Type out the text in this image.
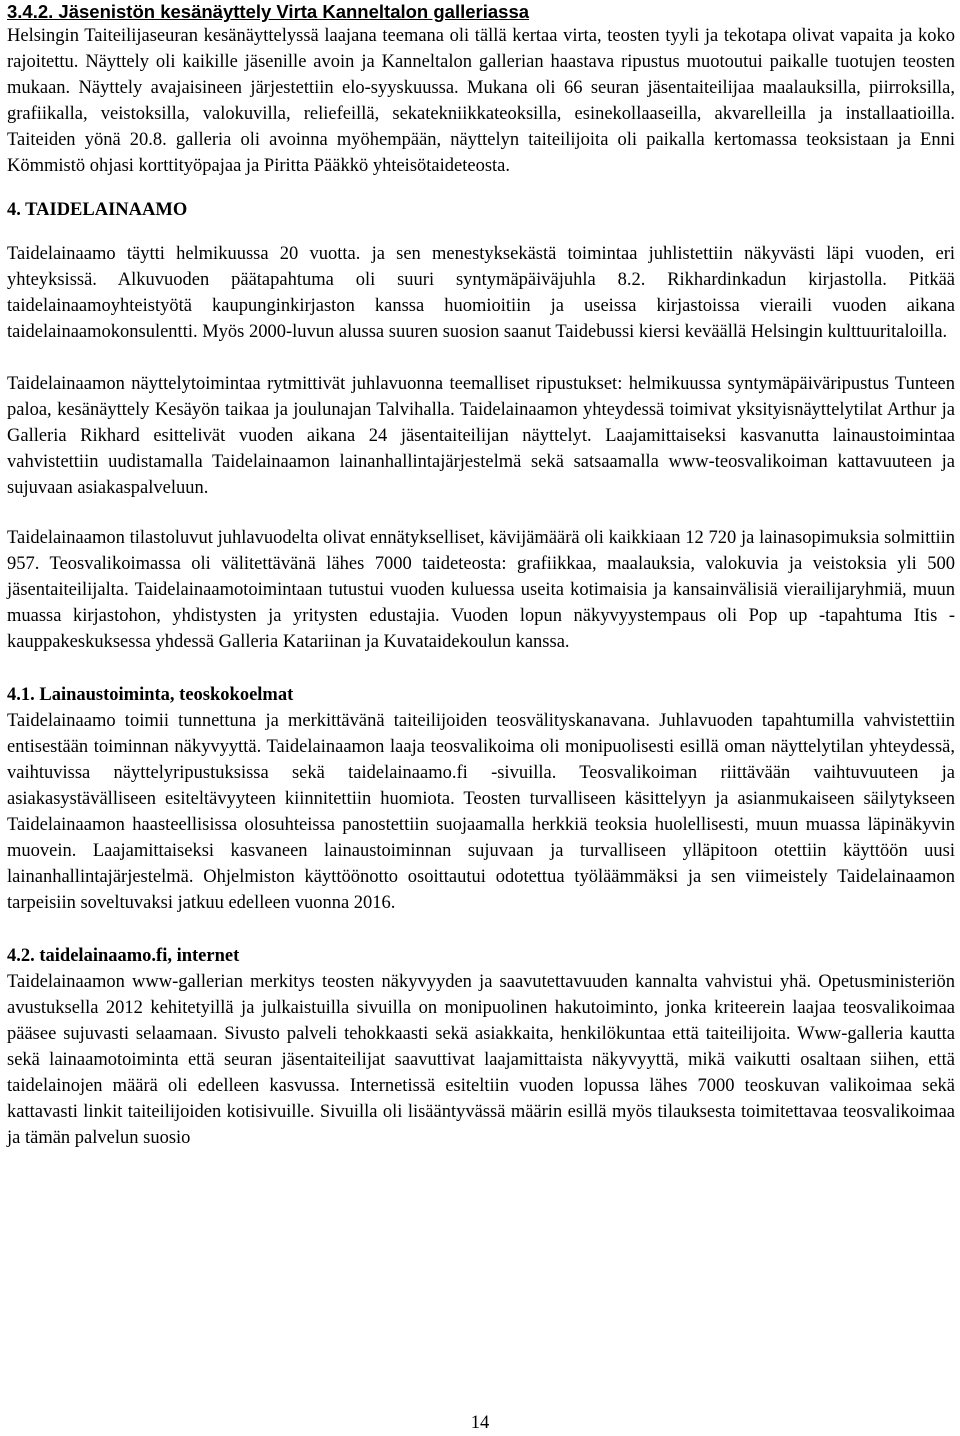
3.4.2. Jäsenistön kesänäyttely Virta Kanneltalon galleriassa

Helsingin Taiteilijaseuran kesänäyttelyssä laajana teemana oli tällä kertaa virta, teosten tyyli ja tekotapa olivat vapaita ja koko rajoitettu. Näyttely oli kaikille jäsenille avoin ja Kanneltalon gallerian haastava ripustus muotoutui paikalle tuotujen teosten mukaan. Näyttely avajaisineen järjestettiin elo-syyskuussa. Mukana oli 66 seuran jäsentaiteilijaa maalauksilla, piirroksilla, grafiikalla, veistoksilla, valokuvilla, reliefeillä, sekatekniikkateoksilla, esinekollaaseilla, akvarelleilla ja installaatioilla. Taiteiden yönä 20.8. galleria oli avoinna myöhempään, näyttelyn taiteilijoita oli paikalla kertomassa teoksistaan ja Enni Kömmistö ohjasi korttityöpajaa ja Piritta Pääkkö yhteisötaideteosta.

4. TAIDELAINAAMO

Taidelainaamo täytti helmikuussa 20 vuotta. ja sen menestyksekästä toimintaa juhlistettiin näkyvästi läpi vuoden, eri yhteyksissä. Alkuvuoden päätapahtuma oli suuri syntymäpäiväjuhla 8.2. Rikhardinkadun kirjastolla. Pitkää taidelainaamoyhteistyötä kaupunginkirjaston kanssa huomioitiin ja useissa kirjastoissa vieraili vuoden aikana taidelainaamokonsulentti. Myös 2000-luvun alussa suuren suosion saanut Taidebussi kiersi keväällä Helsingin kulttuuritaloilla.

Taidelainaamon näyttelytoimintaa rytmittivät juhlavuonna teemalliset ripustukset: helmikuussa syntymäpäiväripustus Tunteen paloa, kesänäyttely Kesäyön taikaa ja joulunajan Talvihalla. Taidelainaamon yhteydessä toimivat yksityisnäyttelytilat Arthur ja Galleria Rikhard esittelivät vuoden aikana 24 jäsentaiteilijan näyttelyt. Laajamittaiseksi kasvanutta lainaustoimintaa vahvistettiin uudistamalla Taidelainaamon lainanhallintajärjestelmä sekä satsaamalla www-teosvalikoiman kattavuuteen ja sujuvaan asiakaspalveluun.

Taidelainaamon tilastoluvut juhlavuodelta olivat ennätykselliset, kävijämäärä oli kaikkiaan 12 720 ja lainasopimuksia solmittiin 957. Teosvalikoimassa oli välitettävänä lähes 7000 taideteosta: grafiikkaa, maalauksia, valokuvia ja veistoksia yli 500 jäsentaiteilijalta. Taidelainaamotoimintaan tutustui vuoden kuluessa useita kotimaisia ja kansainvälisiä vierailijaryhmiä, muun muassa kirjastohon, yhdistysten ja yritysten edustajia. Vuoden lopun näkyvyystempaus oli Pop up -tapahtuma Itis - kauppakeskuksessa yhdessä Galleria Katariinan ja Kuvataidekoulun kanssa.

4.1. Lainaustoiminta, teoskokoelmat

Taidelainaamo toimii tunnettuna ja merkittävänä taiteilijoiden teosvälityskanavana. Juhlavuoden tapahtumilla vahvistettiin entisestään toiminnan näkyvyyttä. Taidelainaamon laaja teosvalikoima oli monipuolisesti esillä oman näyttelytilan yhteydessä, vaihtuvissa näyttelyripustuksissa sekä taidelainaamo.fi -sivuilla. Teosvalikoiman riittävään vaihtuvuuteen ja asiakasystävälliseen esiteltävyyteen kiinnitettiin huomiota. Teosten turvalliseen käsittelyyn ja asianmukaiseen säilytykseen Taidelainaamon haasteellisissa olosuhteissa panostettiin suojaamalla herkkiä teoksia huolellisesti, muun muassa läpinäkyvin muovein. Laajamittaiseksi kasvaneen lainaustoiminnan sujuvaan ja turvalliseen ylläpitoon otettiin käyttöön uusi lainanhallintajärjestelmä. Ohjelmiston käyttöönotto osoittautui odotettua työläämmäksi ja sen viimeistely Taidelainaamon tarpeisiin soveltuvaksi jatkuu edelleen vuonna 2016.

4.2. taidelainaamo.fi, internet

Taidelainaamon www-gallerian merkitys teosten näkyvyyden ja saavutettavuuden kannalta vahvistui yhä. Opetusministeriön avustuksella 2012 kehitetyillä ja julkaistuilla sivuilla on monipuolinen hakutoiminto, jonka kriteerein laajaa teosvalikoimaa pääsee sujuvasti selaamaan. Sivusto palveli tehokkaasti sekä asiakkaita, henkilökuntaa että taiteilijoita. Www-galleria kautta sekä lainaamotoiminta että seuran jäsentaiteilijat saavuttivat laajamittaista näkyvyyttä, mikä vaikutti osaltaan siihen, että taidelainojen määrä oli edelleen kasvussa. Internetissä esiteltiin vuoden lopussa lähes 7000 teoskuvan valikoimaa sekä kattavasti linkit taiteilijoiden kotisivuille. Sivuilla oli lisääntyvässä määrin esillä myös tilauksesta toimitettavaa teosvalikoimaa ja tämän palvelun suosio

14
